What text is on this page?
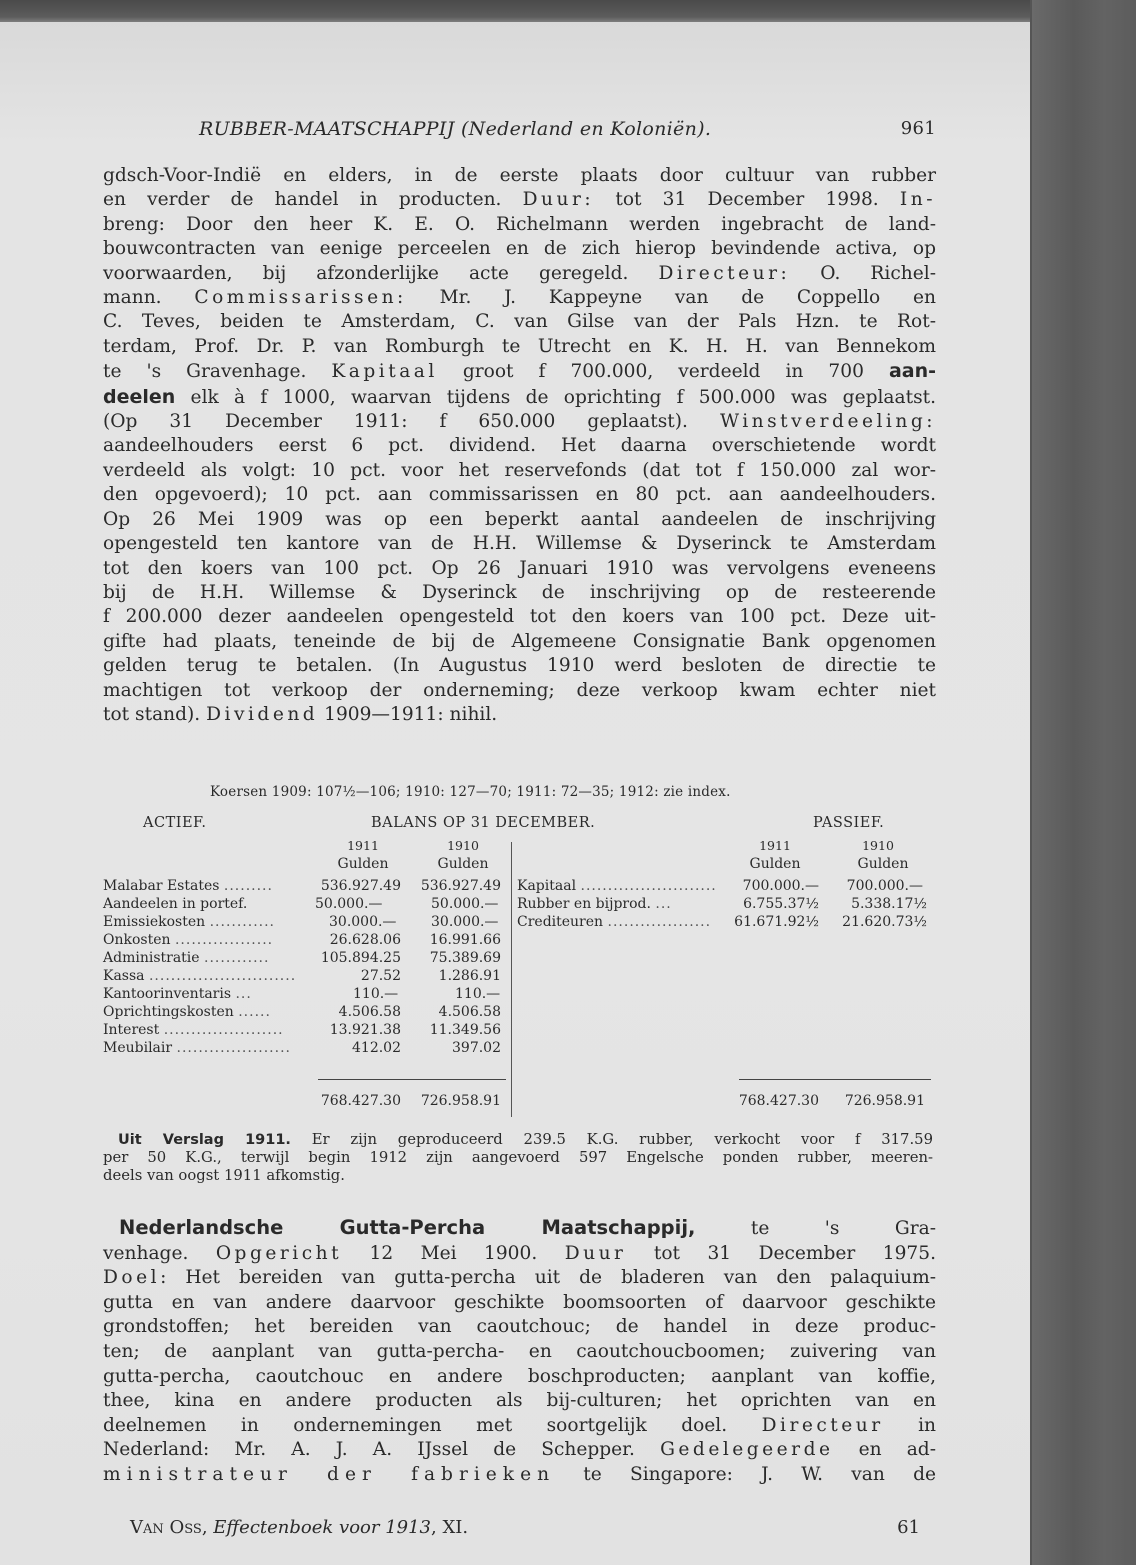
RUBBER-MAATSCHAPPIJ (Nederland en Koloniën).	961
gdsch-Voor-Indië en elders, in de eerste plaats door cultuur van rubber
en verder de handel in producten. Duur: tot 31 December 1998. In-
breng: Door den heer K. E. O. Richelmann werden ingebracht de land-
bouwcontracten van eenige perceelen en de zich hierop bevindende activa, op
voorwaarden, bij afzonderlijke acte geregeld. Directeur: O. Richel-
mann. Commissarissen: Mr. J. Kappeyne van de Coppello en
C. Teves, beiden te Amsterdam, C. van Gilse van der Pals Hzn. te Rot-
terdam, Prof. Dr. P. van Romburgh te Utrecht en K. H. H. van Bennekom
te 's Gravenhage. Kapitaal groot f 700.000, verdeeld in 700 aan-
deelen elk à f 1000, waarvan tijdens de oprichting f 500.000 was geplaatst.
(Op 31 December 1911: f 650.000 geplaatst). Winstverdeeling:
aandeelhouders eerst 6 pct. dividend. Het daarna overschietende wordt
verdeeld als volgt: 10 pct. voor het reservefonds (dat tot f 150.000 zal wor-
den opgevoerd); 10 pct. aan commissarissen en 80 pct. aan aandeelhouders.
Op 26 Mei 1909 was op een beperkt aantal aandeelen de inschrijving
opengesteld ten kantore van de H.H. Willemse & Dyserinck te Amsterdam
tot den koers van 100 pct. Op 26 Januari 1910 was vervolgens eveneens
bij de H.H. Willemse & Dyserinck de inschrijving op de resteerende
f 200.000 dezer aandeelen opengesteld tot den koers van 100 pct. Deze uit-
gifte had plaats, teneinde de bij de Algemeene Consignatie Bank opgenomen
gelden terug te betalen. (In Augustus 1910 werd besloten de directie te
machtigen tot verkoop der onderneming; deze verkoop kwam echter niet
tot stand). Dividend 1909—1911: nihil.
Koersen 1909: 107½—106; 1910: 127—70; 1911: 72—35; 1912: zie index.
ACTIEF.	BALANS OP 31 DECEMBER.	PASSIEF.
1911	1910
Gulden	Gulden
1911	1910
Gulden	Gulden
Malabar Estates .........	536.927.49	536.927.49
Aandeelen in portef.	50.000.—	50.000.—
Emissiekosten ............	30.000.—	30.000.—
Onkosten ..................	26.628.06	16.991.66
Administratie ............	105.894.25	75.389.69
Kassa ...........................	27.52	1.286.91
Kantoorinventaris ...	110.—	110.—
Oprichtingskosten ......	4.506.58	4.506.58
Interest ......................	13.921.38	11.349.56
Meubilair .....................	412.02	397.02
768.427.30	726.958.91
Kapitaal .........................	700.000.—	700.000.—
Rubber en bijprod. ...	6.755.37½	5.338.17½
Crediteuren ...................	61.671.92½	21.620.73½
768.427.30	726.958.91
Uit Verslag 1911. Er zijn geproduceerd 239.5 K.G. rubber, verkocht voor f 317.59
per 50 K.G., terwijl begin 1912 zijn aangevoerd 597 Engelsche ponden rubber, meeren-
deels van oogst 1911 afkomstig.
Nederlandsche Gutta-Percha Maatschappij, te 's Gra-
venhage. Opgericht 12 Mei 1900. Duur tot 31 December 1975.
Doel: Het bereiden van gutta-percha uit de bladeren van den palaquium-
gutta en van andere daarvoor geschikte boomsoorten of daarvoor geschikte
grondstoffen; het bereiden van caoutchouc; de handel in deze produc-
ten; de aanplant van gutta-percha- en caoutchoucboomen; zuivering van
gutta-percha, caoutchouc en andere boschproducten; aanplant van koffie,
thee, kina en andere producten als bij-culturen; het oprichten van en
deelnemen in ondernemingen met soortgelijk doel. Directeur in
Nederland: Mr. A. J. A. IJssel de Schepper. Gedelegeerde en ad-
ministrateur der fabrieken te Singapore: J. W. van de
Van Oss, Effectenboek voor 1913, XI.	61
